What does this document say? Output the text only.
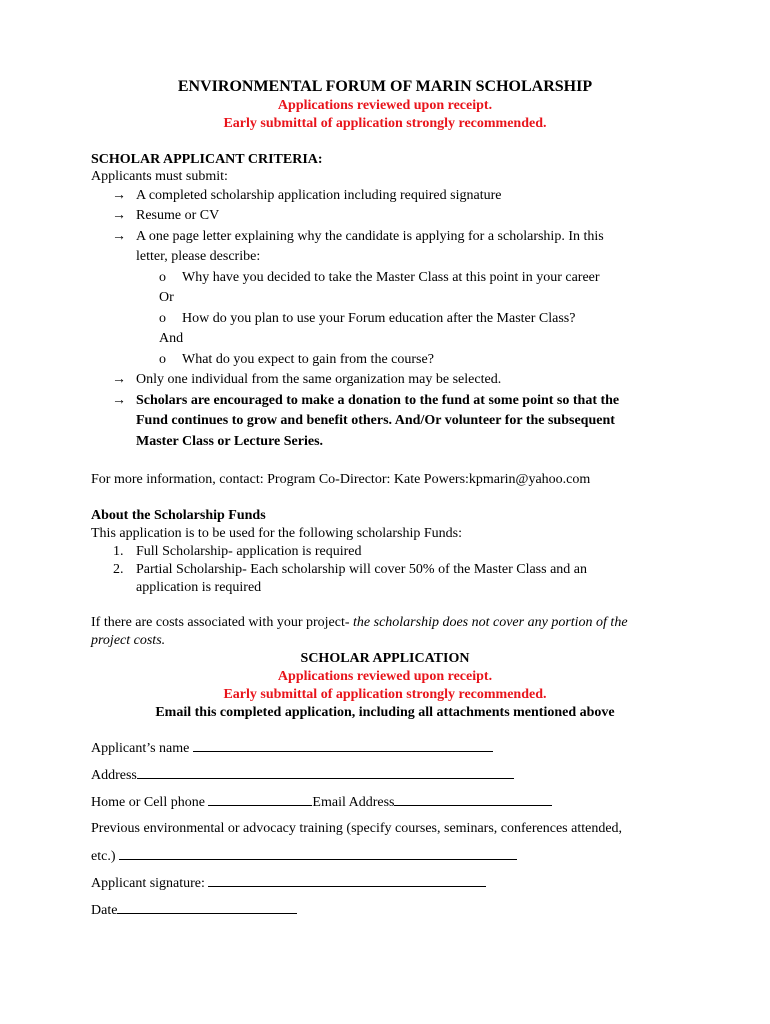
ENVIRONMENTAL FORUM OF MARIN SCHOLARSHIP
Applications reviewed upon receipt.
Early submittal of application strongly recommended.
SCHOLAR APPLICANT CRITERIA:
Applicants must submit:
→ A completed scholarship application including required signature
→ Resume or CV
→ A one page letter explaining why the candidate is applying for a scholarship. In this
letter, please describe:
o Why have you decided to take the Master Class at this point in your career
Or
o How do you plan to use your Forum education after the Master Class?
And
o What do you expect to gain from the course?
→ Only one individual from the same organization may be selected.
→ Scholars are encouraged to make a donation to the fund at some point so that the
Fund continues to grow and benefit others. And/Or volunteer for the subsequent
Master Class or Lecture Series.
For more information, contact: Program Co-Director: Kate Powers:kpmarin@yahoo.com
About the Scholarship Funds
This application is to be used for the following scholarship Funds:
1. Full Scholarship- application is required
2. Partial Scholarship- Each scholarship will cover 50% of the Master Class and an
application is required
If there are costs associated with your project- the scholarship does not cover any portion of the
project costs.
SCHOLAR APPLICATION
Applications reviewed upon receipt.
Early submittal of application strongly recommended.
Email this completed application, including all attachments mentioned above
Applicant’s name
Address
Home or Cell phone	Email Address
Previous environmental or advocacy training (specify courses, seminars, conferences attended,
etc.)
Applicant signature:
Date
